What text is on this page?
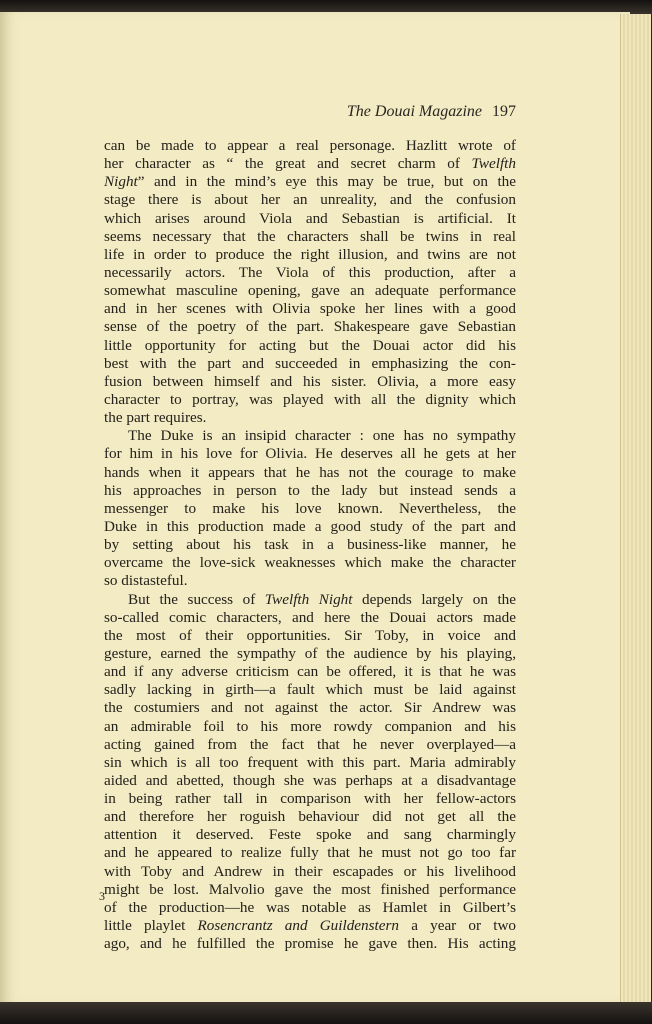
The Douai Magazine 197
can be made to appear a real personage. Hazlitt wrote of
her character as “ the great and secret charm of Twelfth
Night” and in the mind’s eye this may be true, but on the
stage there is about her an unreality, and the confusion
which arises around Viola and Sebastian is artificial. It
seems necessary that the characters shall be twins in real
life in order to produce the right illusion, and twins are not
necessarily actors. The Viola of this production, after a
somewhat masculine opening, gave an adequate performance
and in her scenes with Olivia spoke her lines with a good
sense of the poetry of the part. Shakespeare gave Sebastian
little opportunity for acting but the Douai actor did his
best with the part and succeeded in emphasizing the con-
fusion between himself and his sister. Olivia, a more easy
character to portray, was played with all the dignity which
the part requires.
The Duke is an insipid character : one has no sympathy
for him in his love for Olivia. He deserves all he gets at her
hands when it appears that he has not the courage to make
his approaches in person to the lady but instead sends a
messenger to make his love known. Nevertheless, the
Duke in this production made a good study of the part and
by setting about his task in a business-like manner, he
overcame the love-sick weaknesses which make the character
so distasteful.
But the success of Twelfth Night depends largely on the
so-called comic characters, and here the Douai actors made
the most of their opportunities. Sir Toby, in voice and
gesture, earned the sympathy of the audience by his playing,
and if any adverse criticism can be offered, it is that he was
sadly lacking in girth—a fault which must be laid against
the costumiers and not against the actor. Sir Andrew was
an admirable foil to his more rowdy companion and his
acting gained from the fact that he never overplayed—a
sin which is all too frequent with this part. Maria admirably
aided and abetted, though she was perhaps at a disadvantage
in being rather tall in comparison with her fellow-actors
and therefore her roguish behaviour did not get all the
attention it deserved. Feste spoke and sang charmingly
and he appeared to realize fully that he must not go too far
with Toby and Andrew in their escapades or his livelihood
might be lost. Malvolio gave the most finished performance
of the production—he was notable as Hamlet in Gilbert’s
little playlet Rosencrantz and Guildenstern a year or two
ago, and he fulfilled the promise he gave then. His acting
3
